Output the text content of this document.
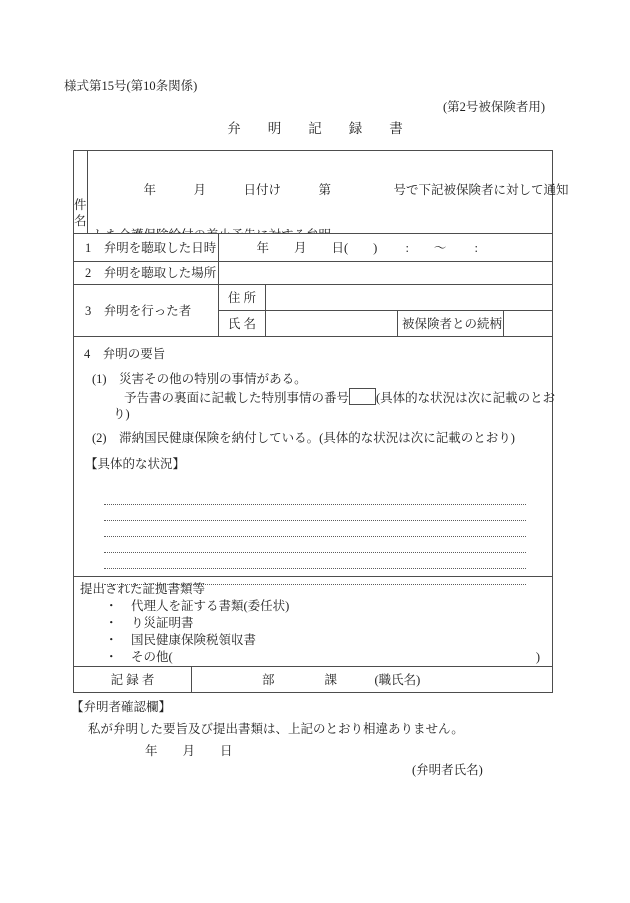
様式第15号(第10条関係)
(第2号被保険者用)
弁　　明　　記　　録　　書
件 名

　　　　年　　　月　　　日付け　　　第　　　　　号で下記被保険者に対して通知

1　弁明を聴取した日時 　　　年　　月　　日(　　)　　 :　　～　　 :
2　弁明を聴取した場所
3　弁明を行った者
住 所
氏 名	被保険者との続柄
4　弁明の要旨
(1)　災害その他の特別の事情がある。
予告書の裏面に記載した特別事情の番号 (具体的な状況は次に記載のとお
り)
(2)　滞納国民健康保険を納付している。(具体的な状況は次に記載のとおり)
【具体的な状況】
提出された証拠書類等
・	代理人を証する書類(委任状)
・	り災証明書
・	国民健康保険税領収書
・ その他(	)
記 録 者	部　　　　課　　　(職氏名)
【弁明者確認欄】
私が弁明した要旨及び提出書類は、上記のとおり相違ありません。
年　　月　　日
(弁明者氏名)
